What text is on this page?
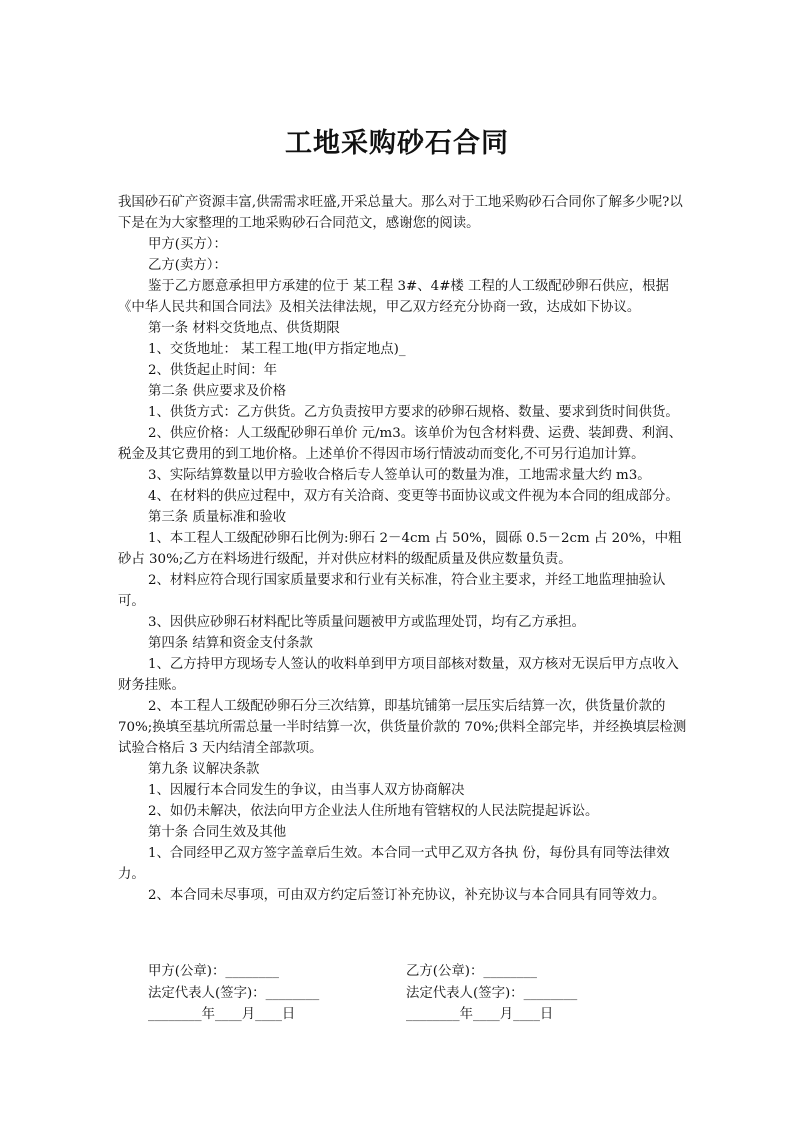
工地采购砂石合同

我国砂石矿产资源丰富,供需需求旺盛,开采总量大。那么对于工地采购砂石合同你了解多少呢?以下是在为大家整理的工地采购砂石合同范文，感谢您的阅读。

甲方(买方）：

乙方(卖方）：

鉴于乙方愿意承担甲方承建的位于 某工程 3#、4#楼 工程的人工级配砂卵石供应，根据《中华人民共和国合同法》及相关法律法规，甲乙双方经充分协商一致，达成如下协议。

第一条 材料交货地点、供货期限

1、交货地址： 某工程工地(甲方指定地点)_

2、供货起止时间：年

第二条 供应要求及价格

1、供货方式：乙方供货。乙方负责按甲方要求的砂卵石规格、数量、要求到货时间供货。

2、供应价格：人工级配砂卵石单价 元/m3。该单价为包含材料费、运费、装卸费、利润、税金及其它费用的到工地价格。上述单价不得因市场行情波动而变化,不可另行追加计算。

3、实际结算数量以甲方验收合格后专人签单认可的数量为准，工地需求量大约 m3。

4、在材料的供应过程中，双方有关洽商、变更等书面协议或文件视为本合同的组成部分。

第三条 质量标准和验收

1、本工程人工级配砂卵石比例为:卵石 2－4cm 占 50%，圆砾 0.5－2cm 占 20%，中粗砂占 30%;乙方在料场进行级配，并对供应材料的级配质量及供应数量负责。

2、材料应符合现行国家质量要求和行业有关标准，符合业主要求，并经工地监理抽验认可。

3、因供应砂卵石材料配比等质量问题被甲方或监理处罚，均有乙方承担。

第四条 结算和资金支付条款

1、乙方持甲方现场专人签认的收料单到甲方项目部核对数量，双方核对无误后甲方点收入财务挂账。

2、本工程人工级配砂卵石分三次结算，即基坑铺第一层压实后结算一次，供货量价款的 70%;换填至基坑所需总量一半时结算一次，供货量价款的 70%;供料全部完毕，并经换填层检测试验合格后 3 天内结清全部款项。

第九条 议解决条款

1、因履行本合同发生的争议，由当事人双方协商解决

2、如仍未解决，依法向甲方企业法人住所地有管辖权的人民法院提起诉讼。

第十条 合同生效及其他

1、合同经甲乙双方签字盖章后生效。本合同一式甲乙双方各执 份，每份具有同等法律效力。

2、本合同未尽事项，可由双方约定后签订补充协议，补充协议与本合同具有同等效力。

甲方(公章)：________	乙方(公章)：________
法定代表人(签字)：________	法定代表人(签字)：________
________年____月____日	________年____月____日
